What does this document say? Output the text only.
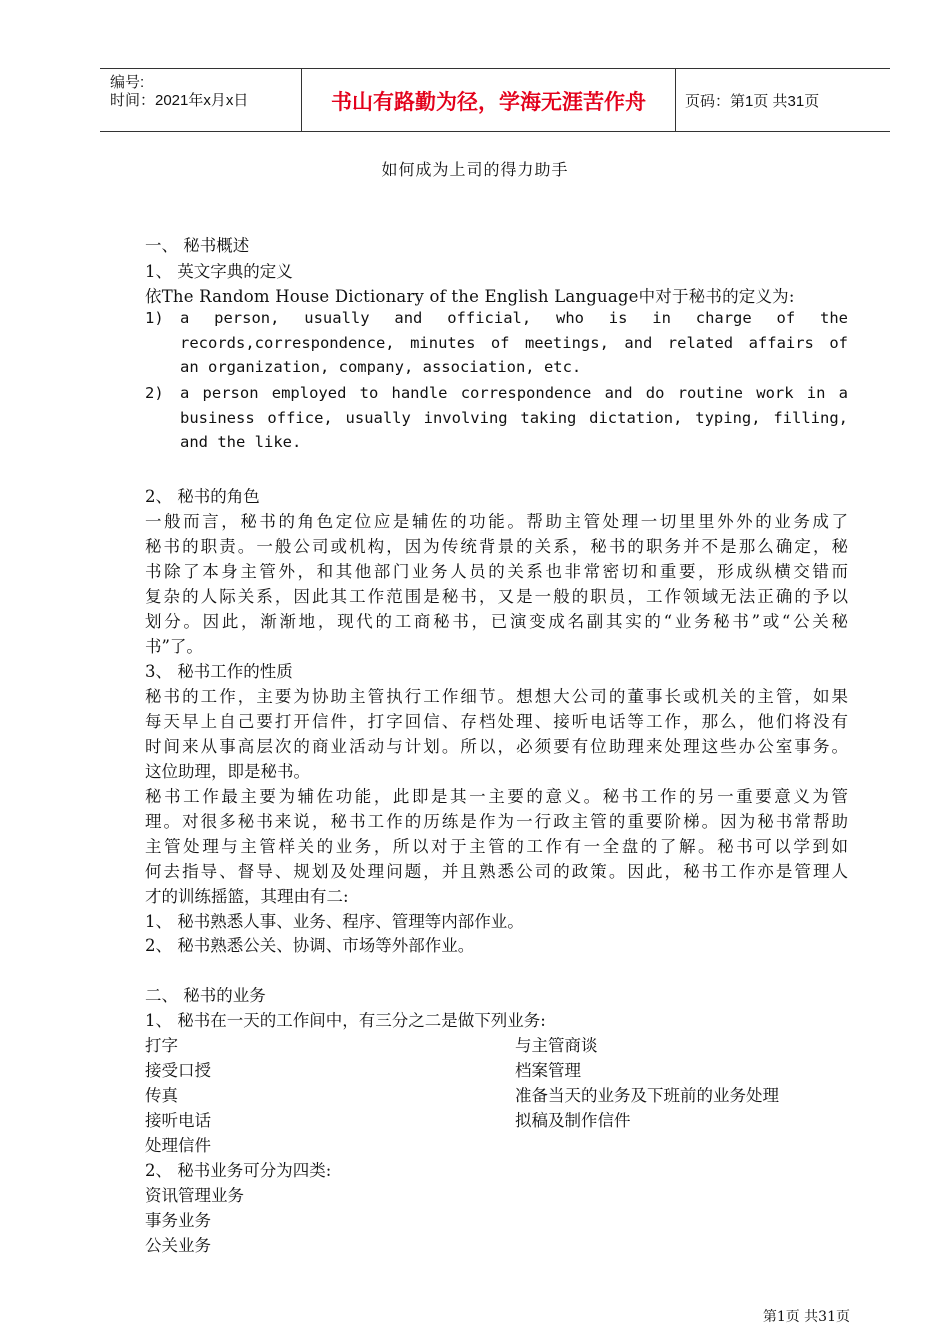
编号:
时间：2021年x月x日	书山有路勤为径，学海无涯苦作舟	页码：第1页 共31页
如何成为上司的得力助手
一、 秘书概述
1、 英文字典的定义
依The Random House Dictionary of the English Language中对于秘书的定义为:
1) a person, usually and official, who is in charge of the
records,correspondence, minutes of meetings, and related affairs of
an organization, company, association, etc.
2) a person employed to handle correspondence and do routine work in a
business office, usually involving taking dictation, typing, filling,
and the like.
2、 秘书的角色
一般而言，秘书的角色定位应是辅佐的功能。帮助主管处理一切里里外外的业务成了
秘书的职责。一般公司或机构，因为传统背景的关系，秘书的职务并不是那么确定，秘
书除了本身主管外，和其他部门业务人员的关系也非常密切和重要，形成纵横交错而
复杂的人际关系，因此其工作范围是秘书，又是一般的职员，工作领域无法正确的予以
划分。因此，渐渐地，现代的工商秘书，已演变成名副其实的“业务秘书”或“公关秘
书”了。
3、 秘书工作的性质
秘书的工作，主要为协助主管执行工作细节。想想大公司的董事长或机关的主管，如果
每天早上自己要打开信件，打字回信、存档处理、接听电话等工作，那么，他们将没有
时间来从事高层次的商业活动与计划。所以，必须要有位助理来处理这些办公室事务。
这位助理，即是秘书。
秘书工作最主要为辅佐功能，此即是其一主要的意义。秘书工作的另一重要意义为管
理。对很多秘书来说，秘书工作的历练是作为一行政主管的重要阶梯。因为秘书常帮助
主管处理与主管样关的业务，所以对于主管的工作有一全盘的了解。秘书可以学到如
何去指导、督导、规划及处理问题，并且熟悉公司的政策。因此，秘书工作亦是管理人
才的训练摇篮，其理由有二:
1、 秘书熟悉人事、业务、程序、管理等内部作业。
2、 秘书熟悉公关、协调、市场等外部作业。
二、 秘书的业务
1、 秘书在一天的工作间中，有三分之二是做下列业务:
打字	与主管商谈
接受口授	档案管理
传真	准备当天的业务及下班前的业务处理
接听电话	拟稿及制作信件
处理信件
2、 秘书业务可分为四类:
资讯管理业务
事务业务
公关业务
第1页 共31页
